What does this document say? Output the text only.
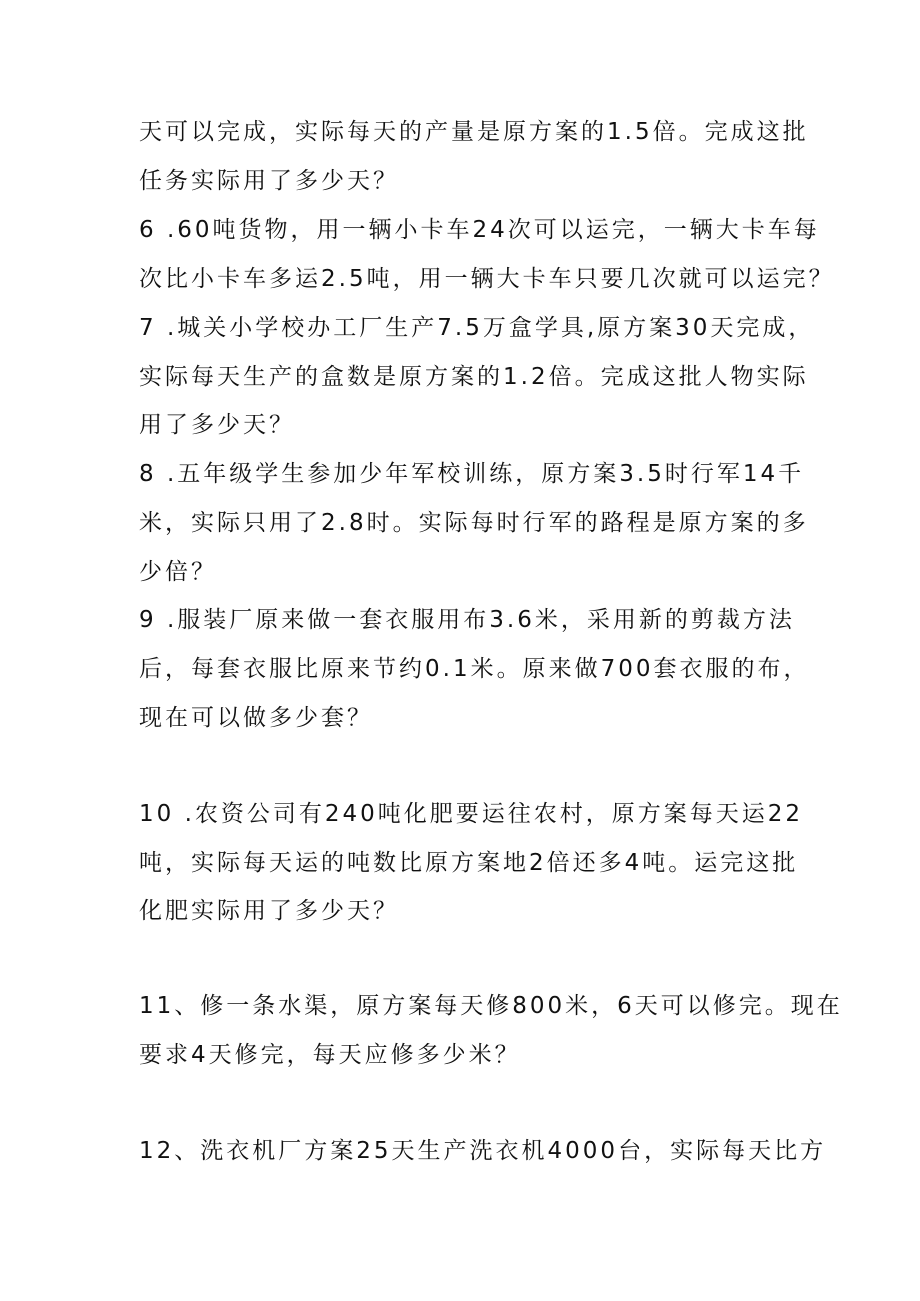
天可以完成，实际每天的产量是原方案的1.5倍。完成这批
任务实际用了多少天？
6 .60吨货物，用一辆小卡车24次可以运完，一辆大卡车每
次比小卡车多运2.5吨，用一辆大卡车只要几次就可以运完？
7 .城关小学校办工厂生产7.5万盒学具,原方案30天完成，
实际每天生产的盒数是原方案的1.2倍。完成这批人物实际
用了多少天？
8 .五年级学生参加少年军校训练，原方案3.5时行军14千
米，实际只用了2.8时。实际每时行军的路程是原方案的多
少倍？
9 .服装厂原来做一套衣服用布3.6米，采用新的剪裁方法
后，每套衣服比原来节约0.1米。原来做700套衣服的布，
现在可以做多少套？
10 .农资公司有240吨化肥要运往农村，原方案每天运22
吨，实际每天运的吨数比原方案地2倍还多4吨。运完这批
化肥实际用了多少天？
11、修一条水渠，原方案每天修800米，6天可以修完。现在
要求4天修完，每天应修多少米？
12、洗衣机厂方案25天生产洗衣机4000台，实际每天比方
